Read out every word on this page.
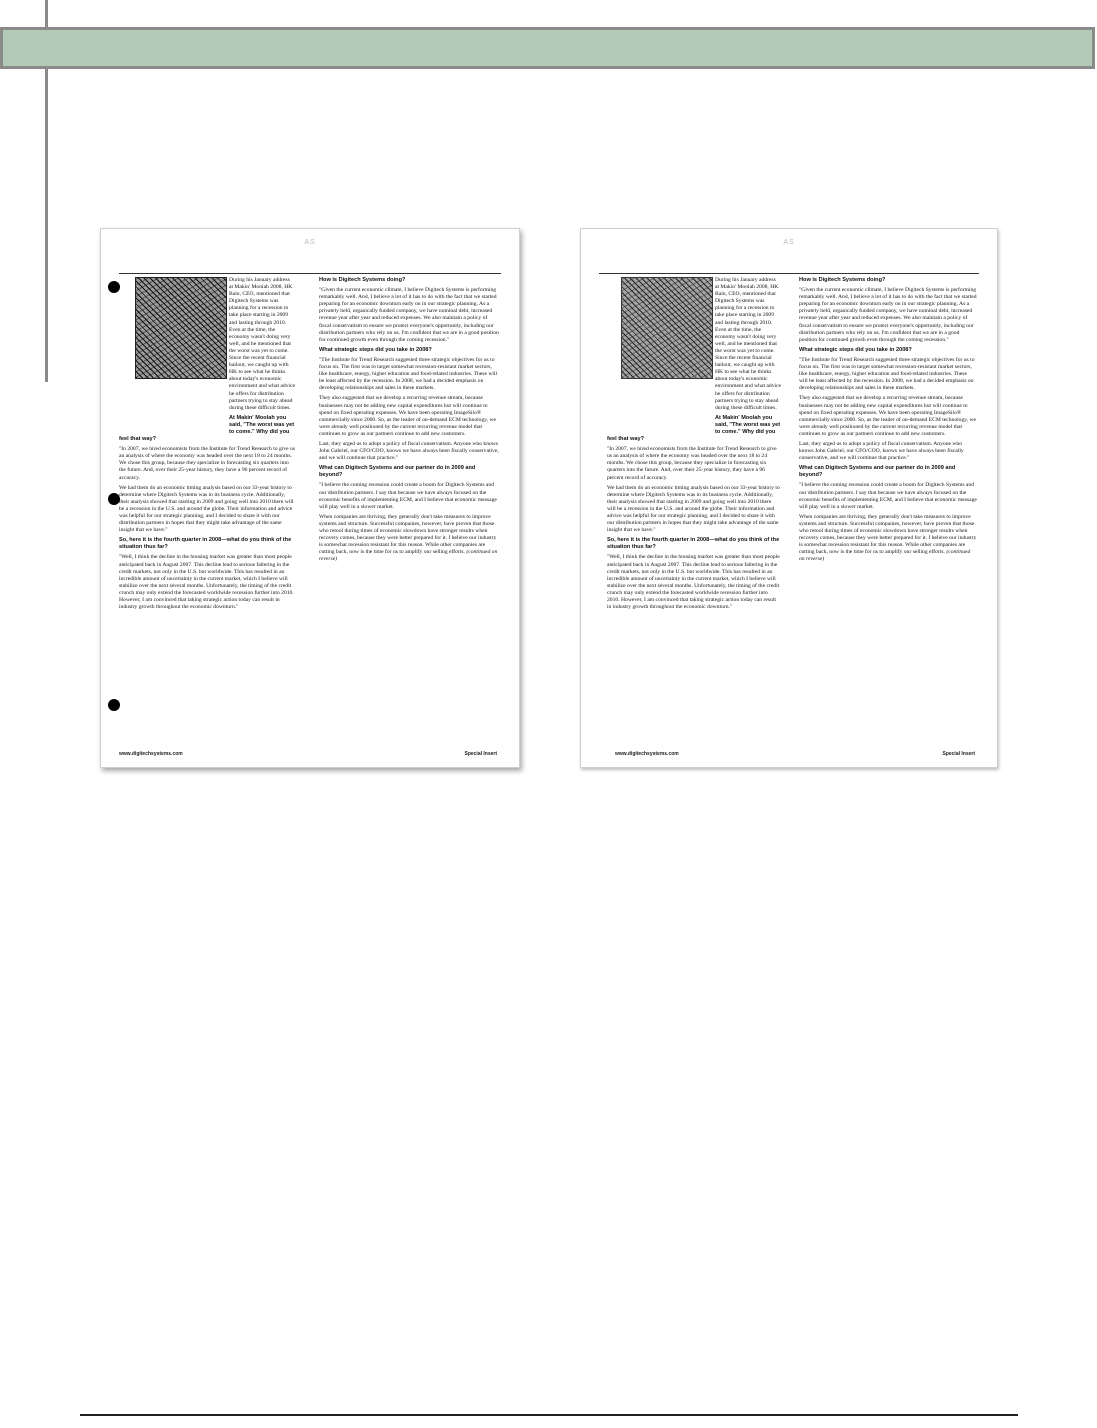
AS

During his January address at Makin' Moolah 2008, HK Bain, CEO, mentioned that Digitech Systems was planning for a recession to take place starting in 2009 and lasting through 2010. Even at the time, the economy wasn't doing very well, and he mentioned that the worst was yet to come. Since the recent financial bailout, we caught up with HK to see what he thinks about today's economic environment and what advice he offers for distribution partners trying to stay ahead during these difficult times.

At Makin' Moolah you said, "The worst was yet to come." Why did you feel that way?

"In 2007, we hired economists from the Institute for Trend Research to give us an analysis of where the economy was headed over the next 18 to 24 months. We chose this group, because they specialize in forecasting six quarters into the future. And, over their 25-year history, they have a 96 percent record of accuracy.

We had them do an economic timing analysis based on our 33-year history to determine where Digitech Systems was in its business cycle. Additionally, their analysis showed that starting in 2009 and going well into 2010 there will be a recession in the U.S. and around the globe. Their information and advice was helpful for our strategic planning, and I decided to share it with our distribution partners in hopes that they might take advantage of the same insight that we have."

So, here it is the fourth quarter in 2008—what do you think of the situation thus far?

"Well, I think the decline in the housing market was greater than most people anticipated back in August 2007. This decline lead to serious faltering in the credit markets, not only in the U.S. but worldwide. This has resulted in an incredible amount of uncertainty in the current market, which I believe will stabilize over the next several months. Unfortunately, the timing of the credit crunch may only extend the forecasted worldwide recession further into 2010. However, I am convinced that taking strategic action today can result in industry growth throughout the economic downturn."

How is Digitech Systems doing?

"Given the current economic climate, I believe Digitech Systems is performing remarkably well. And, I believe a lot of it has to do with the fact that we started preparing for an economic downturn early on in our strategic planning. As a privately held, organically funded company, we have nominal debt, increased revenue year after year and reduced expenses. We also maintain a policy of fiscal conservatism to ensure we protect everyone's opportunity, including our distribution partners who rely on us. I'm confident that we are in a good position for continued growth even through the coming recession."

What strategic steps did you take in 2008?

"The Institute for Trend Research suggested three strategic objectives for us to focus on. The first was to target somewhat recession-resistant market sectors, like healthcare, energy, higher education and food-related industries. These will be least affected by the recession. In 2008, we had a decided emphasis on developing relationships and sales in these markets.

They also suggested that we develop a recurring revenue stream, because businesses may not be adding new capital expenditures but will continue to spend on fixed operating expenses. We have been operating ImageSilo® commercially since 2000. So, as the leader of on-demand ECM technology, we were already well positioned by the current recurring revenue model that continues to grow as our partners continue to add new customers.

Last, they urged us to adopt a policy of fiscal conservatism. Anyone who knows John Gabriel, our CFO/COO, knows we have always been fiscally conservative, and we will continue that practice."

What can Digitech Systems and our partner do in 2009 and beyond?

"I believe the coming recession could create a boom for Digitech Systems and our distribution partners. I say that because we have always focused on the economic benefits of implementing ECM, and I believe that economic message will play well in a slower market.

When companies are thriving, they generally don't take measures to improve systems and structure. Successful companies, however, have proven that those who retool during times of economic slowdown have stronger results when recovery comes, because they were better prepared for it. I believe our industry is somewhat recession resistant for this reason. While other companies are cutting back, now is the time for us to amplify our selling efforts. (continued on reverse)

www.digitechsystems.com	Special Insert
AS

During his January address at Makin' Moolah 2008, HK Bain, CEO, mentioned that Digitech Systems was planning for a recession to take place starting in 2009 and lasting through 2010. Even at the time, the economy wasn't doing very well, and he mentioned that the worst was yet to come. Since the recent financial bailout, we caught up with HK to see what he thinks about today's economic environment and what advice he offers for distribution partners trying to stay ahead during these difficult times.

At Makin' Moolah you said, "The worst was yet to come." Why did you feel that way?

"In 2007, we hired economists from the Institute for Trend Research to give us an analysis of where the economy was headed over the next 18 to 24 months. We chose this group, because they specialize in forecasting six quarters into the future. And, over their 25-year history, they have a 96 percent record of accuracy.

We had them do an economic timing analysis based on our 33-year history to determine where Digitech Systems was in its business cycle. Additionally, their analysis showed that starting in 2009 and going well into 2010 there will be a recession in the U.S. and around the globe. Their information and advice was helpful for our strategic planning, and I decided to share it with our distribution partners in hopes that they might take advantage of the same insight that we have."

So, here it is the fourth quarter in 2008—what do you think of the situation thus far?

"Well, I think the decline in the housing market was greater than most people anticipated back in August 2007. This decline lead to serious faltering in the credit markets, not only in the U.S. but worldwide. This has resulted in an incredible amount of uncertainty in the current market, which I believe will stabilize over the next several months. Unfortunately, the timing of the credit crunch may only extend the forecasted worldwide recession further into 2010. However, I am convinced that taking strategic action today can result in industry growth throughout the economic downturn."

How is Digitech Systems doing?

"Given the current economic climate, I believe Digitech Systems is performing remarkably well. And, I believe a lot of it has to do with the fact that we started preparing for an economic downturn early on in our strategic planning. As a privately held, organically funded company, we have nominal debt, increased revenue year after year and reduced expenses. We also maintain a policy of fiscal conservatism to ensure we protect everyone's opportunity, including our distribution partners who rely on us. I'm confident that we are in a good position for continued growth even through the coming recession."

What strategic steps did you take in 2008?

"The Institute for Trend Research suggested three strategic objectives for us to focus on. The first was to target somewhat recession-resistant market sectors, like healthcare, energy, higher education and food-related industries. These will be least affected by the recession. In 2008, we had a decided emphasis on developing relationships and sales in these markets.

They also suggested that we develop a recurring revenue stream, because businesses may not be adding new capital expenditures but will continue to spend on fixed operating expenses. We have been operating ImageSilo® commercially since 2000. So, as the leader of on-demand ECM technology, we were already well positioned by the current recurring revenue model that continues to grow as our partners continue to add new customers.

Last, they urged us to adopt a policy of fiscal conservatism. Anyone who knows John Gabriel, our CFO/COO, knows we have always been fiscally conservative, and we will continue that practice."

What can Digitech Systems and our partner do in 2009 and beyond?

"I believe the coming recession could create a boom for Digitech Systems and our distribution partners. I say that because we have always focused on the economic benefits of implementing ECM, and I believe that economic message will play well in a slower market.

When companies are thriving, they generally don't take measures to improve systems and structure. Successful companies, however, have proven that those who retool during times of economic slowdown have stronger results when recovery comes, because they were better prepared for it. I believe our industry is somewhat recession resistant for this reason. While other companies are cutting back, now is the time for us to amplify our selling efforts. (continued on reverse)

www.digitechsystems.com	Special Insert
